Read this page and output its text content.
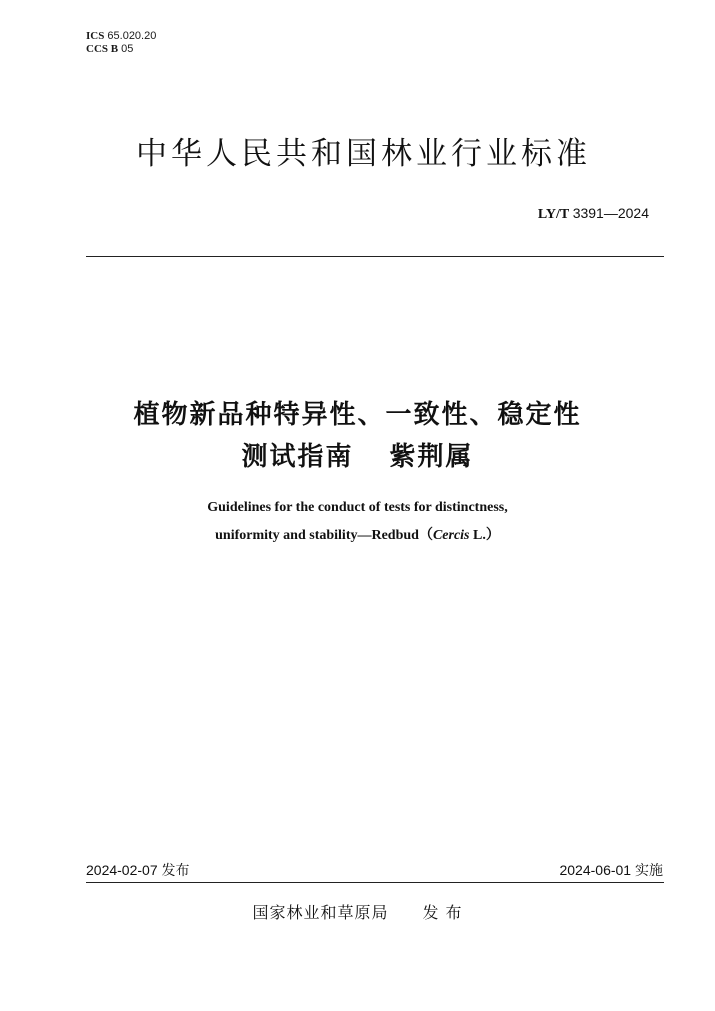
ICS 65.020.20
CCS B 05
中华人民共和国林业行业标准
LY/T 3391—2024
植物新品种特异性、一致性、稳定性
测试指南 紫荆属
Guidelines for the conduct of tests for distinctness,
uniformity and stability—Redbud（Cercis L.）
2024-02-07 发布	2024-06-01 实施
国家林业和草原局 发 布
